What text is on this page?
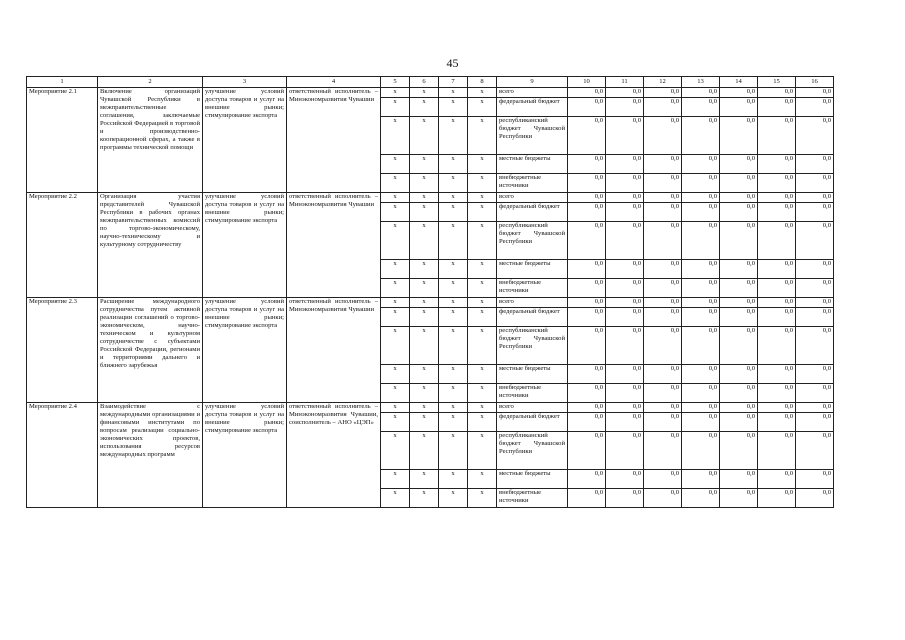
45
1	2	3	4	5	6	7	8	9	10	11	12	13	14	15	16
Мероприятие 2.1	Включение организаций Чувашской Республики в межправительственные соглашения, заключаемые Российской Федерацией в торговой и производственно-кооперационной сферах, а также в программы технической помощи	улучшение условий доступа товаров и услуг на внешние рынки; стимулирование экспорта	ответственный исполнитель – Минэкономразвития Чувашии	x	x	x	x	всего	0,0	0,0	0,0	0,0	0,0	0,0	0,0
				x	x	x	x	федеральный бюджет	0,0	0,0	0,0	0,0	0,0	0,0	0,0
				x	x	x	x	республиканский бюджет Чувашской Республики	0,0	0,0	0,0	0,0	0,0	0,0	0,0
				x	x	x	x	местные бюджеты	0,0	0,0	0,0	0,0	0,0	0,0	0,0
				x	x	x	x	внебюджетные источники	0,0	0,0	0,0	0,0	0,0	0,0	0,0
Мероприятие 2.2	Организация участия представителей Чувашской Республики в рабочих органах межправительственных комиссий по торгово-экономическому, научно-техническому и культурному сотрудничеству	улучшение условий доступа товаров и услуг на внешние рынки; стимулирование экспорта	ответственный исполнитель – Минэкономразвития Чувашии	x	x	x	x	всего	0,0	0,0	0,0	0,0	0,0	0,0	0,0
				x	x	x	x	федеральный бюджет	0,0	0,0	0,0	0,0	0,0	0,0	0,0
				x	x	x	x	республиканский бюджет Чувашской Республики	0,0	0,0	0,0	0,0	0,0	0,0	0,0
				x	x	x	x	местные бюджеты	0,0	0,0	0,0	0,0	0,0	0,0	0,0
				x	x	x	x	внебюджетные источники	0,0	0,0	0,0	0,0	0,0	0,0	0,0
Мероприятие 2.3	Расширение международного сотрудничества путем активной реализации соглашений о торгово-экономическом, научно-техническом и культурном сотрудничестве с субъектами Российской Федерации, регионами и территориями дальнего и ближнего зарубежья	улучшение условий доступа товаров и услуг на внешние рынки; стимулирование экспорта	ответственный исполнитель – Минэкономразвития Чувашии	x	x	x	x	всего	0,0	0,0	0,0	0,0	0,0	0,0	0,0
				x	x	x	x	федеральный бюджет	0,0	0,0	0,0	0,0	0,0	0,0	0,0
				x	x	x	x	республиканский бюджет Чувашской Республики	0,0	0,0	0,0	0,0	0,0	0,0	0,0
				x	x	x	x	местные бюджеты	0,0	0,0	0,0	0,0	0,0	0,0	0,0
				x	x	x	x	внебюджетные источники	0,0	0,0	0,0	0,0	0,0	0,0	0,0
Мероприятие 2.4	Взаимодействие с международными организациями и финансовыми институтами по вопросам реализации социально-экономических проектов, использования ресурсов международных программ	улучшение условий доступа товаров и услуг на внешние рынки; стимулирование экспорта	ответственный исполнитель – Минэкономразвития Чувашии, соисполнитель – АНО «ЦЭП»	x	x	x	x	всего	0,0	0,0	0,0	0,0	0,0	0,0	0,0
				x	x	x	x	федеральный бюджет	0,0	0,0	0,0	0,0	0,0	0,0	0,0
				x	x	x	x	республиканский бюджет Чувашской Республики	0,0	0,0	0,0	0,0	0,0	0,0	0,0
				x	x	x	x	местные бюджеты	0,0	0,0	0,0	0,0	0,0	0,0	0,0
				x	x	x	x	внебюджетные источники	0,0	0,0	0,0	0,0	0,0	0,0	0,0
